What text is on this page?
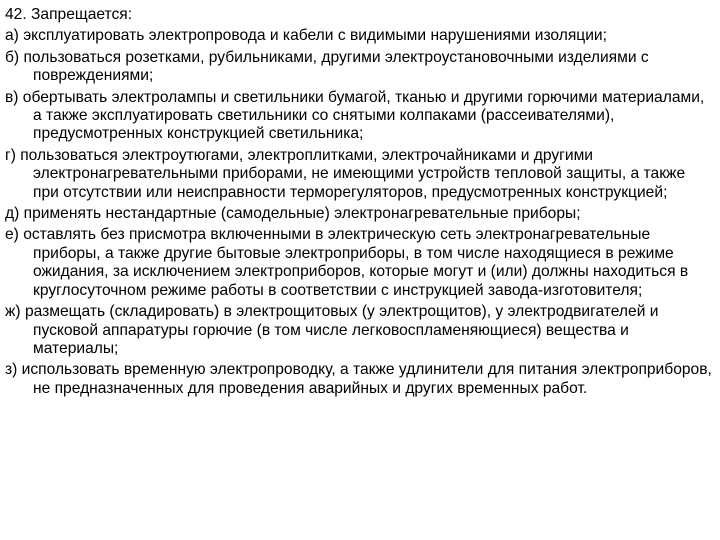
42. Запрещается:
а) эксплуатировать электропровода и кабели с видимыми нарушениями изоляции;
б) пользоваться розетками, рубильниками, другими электроустановочными изделиями с повреждениями;
в) обертывать электролампы и светильники бумагой, тканью и другими горючими материалами, а также эксплуатировать светильники со снятыми колпаками (рассеивателями), предусмотренных конструкцией светильника;
г) пользоваться электроутюгами, электроплитками, электрочайниками и другими электронагревательными приборами, не имеющими устройств тепловой защиты, а также при отсутствии или неисправности терморегуляторов, предусмотренных конструкцией;
д) применять нестандартные (самодельные) электронагревательные приборы;
е) оставлять без присмотра включенными в электрическую сеть электронагревательные приборы, а также другие бытовые электроприборы, в том числе находящиеся в режиме ожидания, за исключением электроприборов, которые могут и (или) должны находиться в круглосуточном режиме работы в соответствии с инструкцией завода-изготовителя;
ж) размещать (складировать) в электрощитовых (у электрощитов), у электродвигателей и пусковой аппаратуры горючие (в том числе легковоспламеняющиеся) вещества и материалы;
з) использовать временную электропроводку, а также удлинители для питания электроприборов, не предназначенных для проведения аварийных и других временных работ.
